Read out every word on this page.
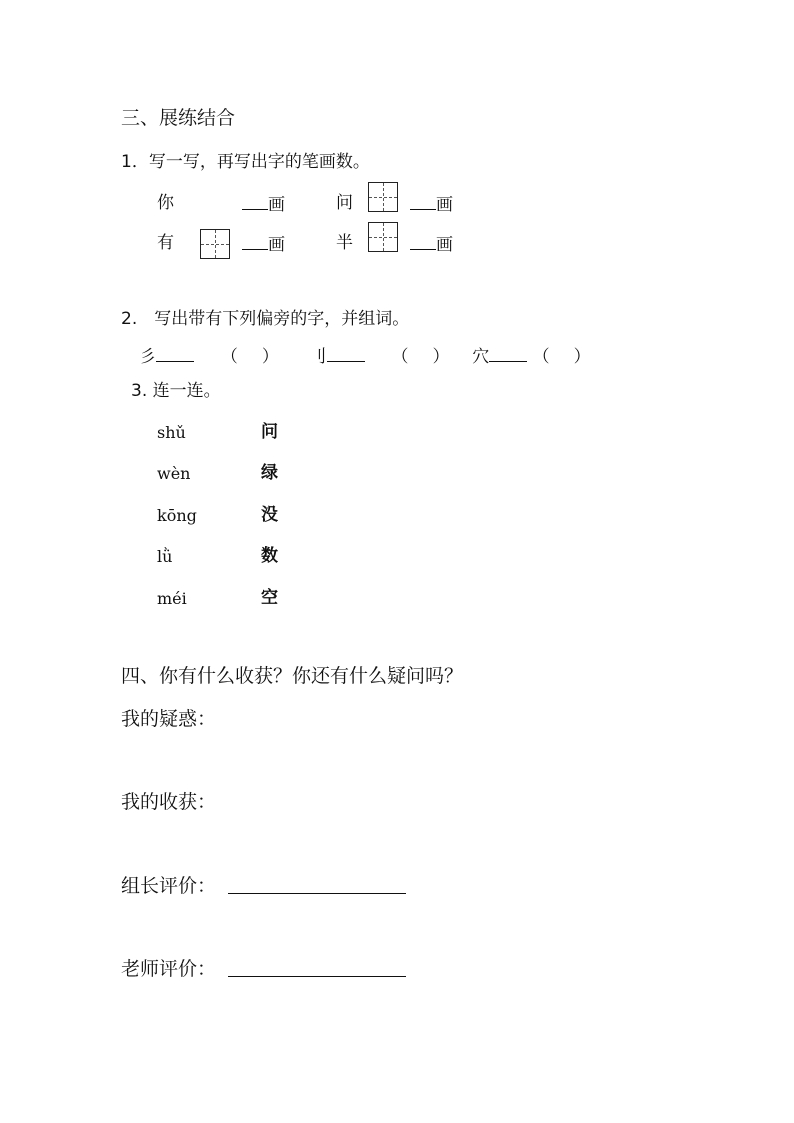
三、展练结合
1．写一写，再写出字的笔画数。
你	画	问	画
有	画	半	画
2.　写出带有下列偏旁的字，并组词。
彡	（ ） 刂	（ ） 穴	（ ）
3. 连一连。
shǔ
wèn
kōng
lǜ
méi
问
绿
没
数
空
四、你有什么收获？你还有什么疑问吗？
我的疑惑：
我的收获：
组长评价：
老师评价：
